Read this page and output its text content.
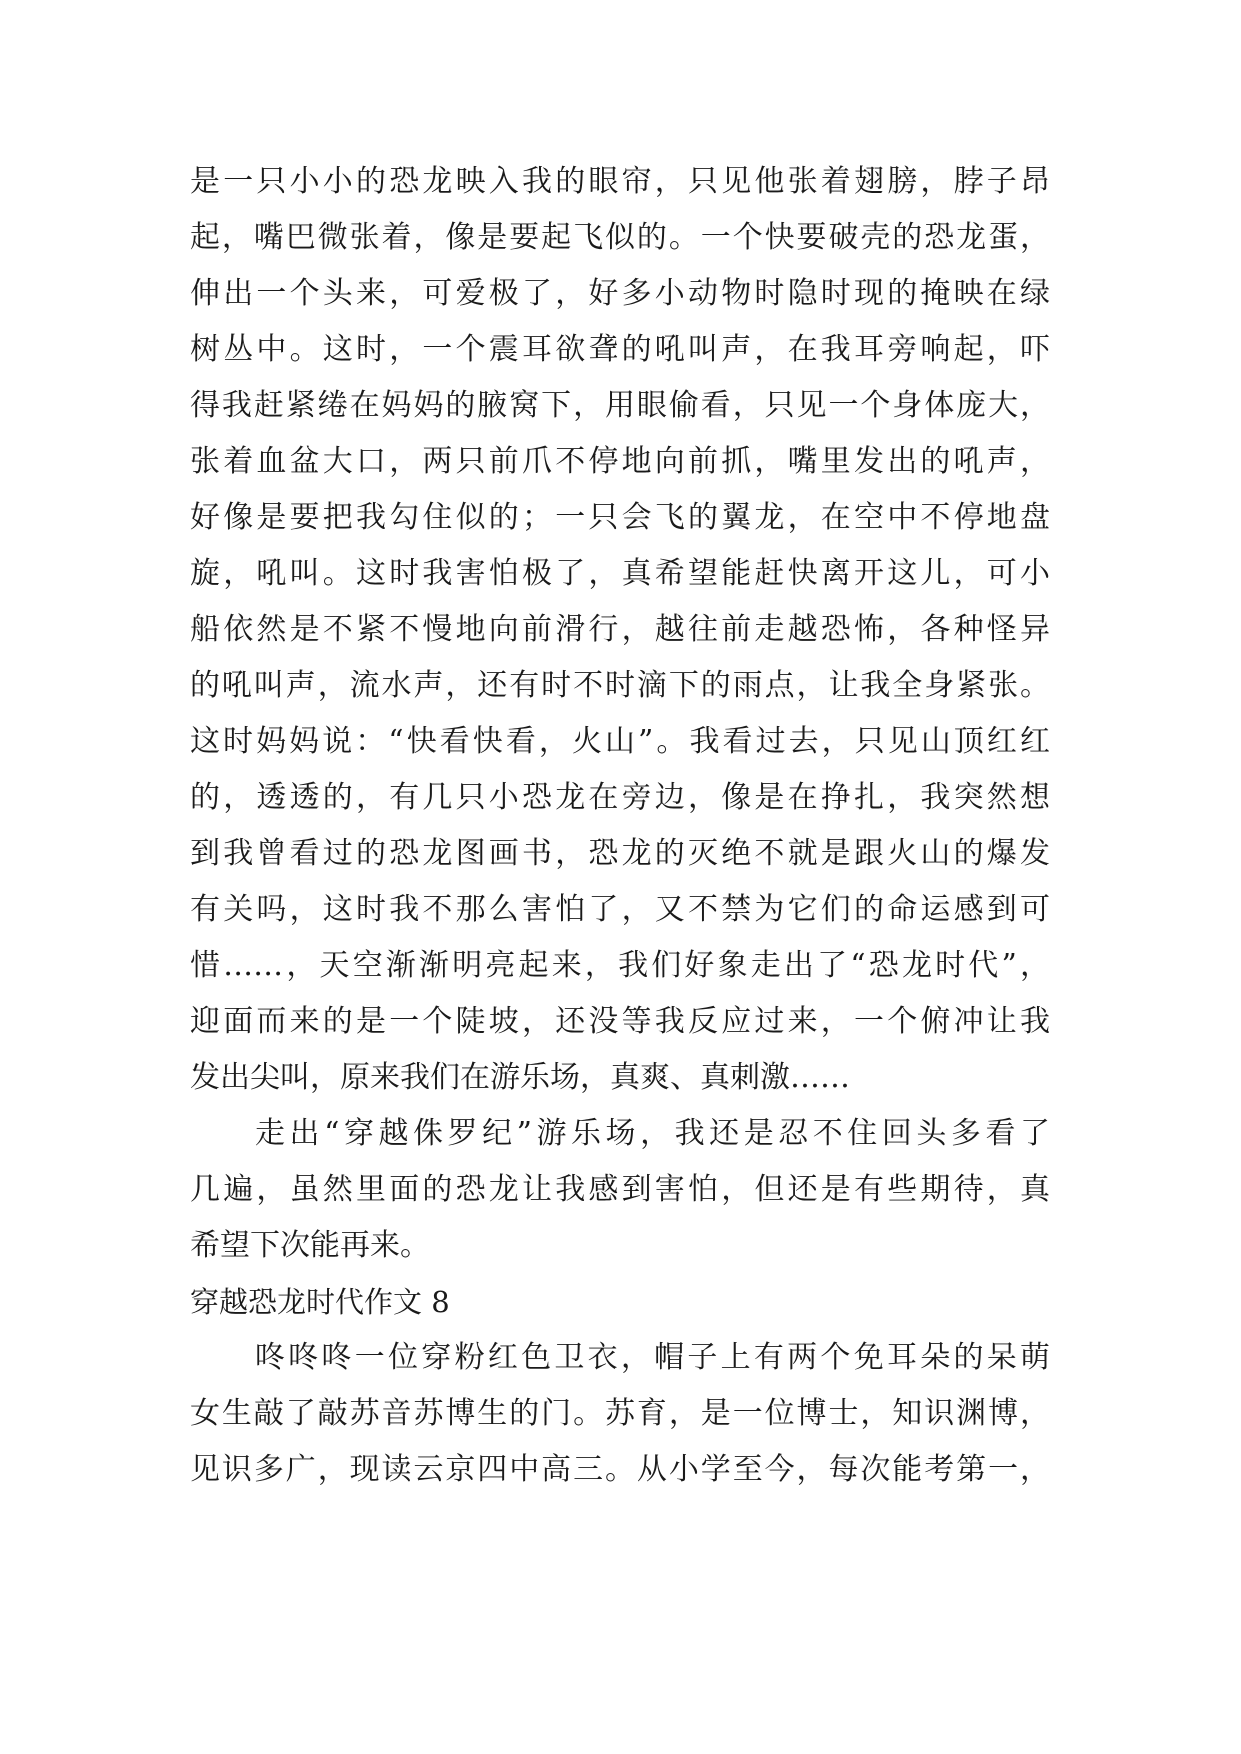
是一只小小的恐龙映入我的眼帘，只见他张着翅膀，脖子昂
起，嘴巴微张着，像是要起飞似的。一个快要破壳的恐龙蛋，
伸出一个头来，可爱极了，好多小动物时隐时现的掩映在绿
树丛中。这时，一个震耳欲聋的吼叫声，在我耳旁响起，吓
得我赶紧绻在妈妈的腋窝下，用眼偷看，只见一个身体庞大，
张着血盆大口，两只前爪不停地向前抓，嘴里发出的吼声，
好像是要把我勾住似的；一只会飞的翼龙，在空中不停地盘
旋，吼叫。这时我害怕极了，真希望能赶快离开这儿，可小
船依然是不紧不慢地向前滑行，越往前走越恐怖，各种怪异
的吼叫声，流水声，还有时不时滴下的雨点，让我全身紧张。
这时妈妈说：“快看快看，火山”。我看过去，只见山顶红红
的，透透的，有几只小恐龙在旁边，像是在挣扎，我突然想
到我曾看过的恐龙图画书，恐龙的灭绝不就是跟火山的爆发
有关吗，这时我不那么害怕了，又不禁为它们的命运感到可
惜……，天空渐渐明亮起来，我们好象走出了“恐龙时代”，
迎面而来的是一个陡坡，还没等我反应过来，一个俯冲让我
发出尖叫，原来我们在游乐场，真爽、真刺激……
走出“穿越侏罗纪”游乐场，我还是忍不住回头多看了
几遍，虽然里面的恐龙让我感到害怕，但还是有些期待，真
希望下次能再来。
穿越恐龙时代作文 8
咚咚咚一位穿粉红色卫衣，帽子上有两个免耳朵的呆萌
女生敲了敲苏音苏博生的门。苏育，是一位博士，知识渊博，
见识多广，现读云京四中高三。从小学至今，每次能考第一，
